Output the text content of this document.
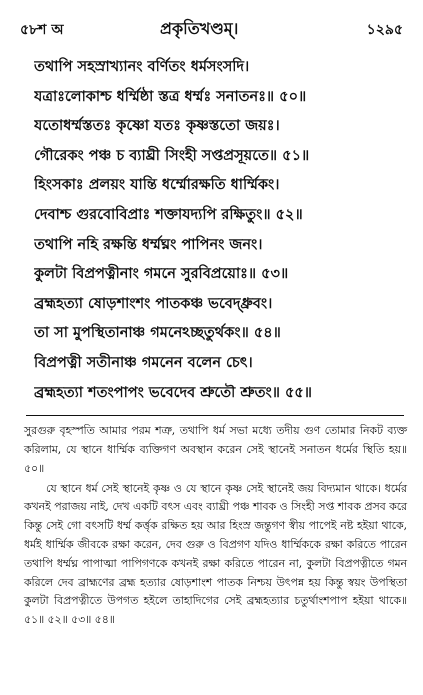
৫৮শ অ	প্রকৃতিখণ্ডম্।	১২৯৫
তথাপি সহস্রাখ্যানং বর্ণিতং ধর্মসংসদি।
যত্রাঃলোকাশ্চ ধর্ম্মিষ্ঠা স্তত্র ধর্ম্মঃ সনাতনঃ॥ ৫০॥
যতোধর্ম্মস্ততঃ কৃষ্ণো যতঃ কৃষ্ণস্ততো জয়ঃ।
গৌরেকং পঞ্চ চ ব্যাঘ্রী সিংহী সপ্তপ্রসূয়তে॥ ৫১॥
হিংসকাঃ প্রলয়ং যান্তি ধর্ম্মোরক্ষতি ধার্ম্মিকং।
দেবাশ্চ গুরবোবিপ্রাঃ শক্তাযদ্যপি রক্ষিতুং॥ ৫২॥
তথাপি নহি রক্ষন্তি ধর্ম্মঘ্নং পাপিনং জনং।
কুলটা বিপ্রপত্নীনাং গমনে সুরবিপ্রয়োঃ॥ ৫৩॥
ব্রহ্মহত্যা ষোড়শাংশং পাতকঞ্চ ভবেদ্ধ্রুবং।
তা সা মুপস্থিতানাঞ্চ গমনেঽচ্ছতুর্থকং॥ ৫৪॥
বিপ্রপত্নী সতীনাঞ্চ গমনেন বলেন চেৎ।
ব্রহ্মহত্যা শতংপাপং ভবেদেব শ্রুতৌ শ্রুতং॥ ৫৫॥

সুরগুরু বৃহস্পতি আমার পরম শত্রু, তথাপি ধর্ম সভা মধ্যে তদীয় গুণ তোমার নিকট ব্যক্ত করিলাম, যে স্থানে ধার্ম্মিক ব্যক্তিগণ অবস্থান করেন সেই স্থানেই সনাতন ধর্মের স্থিতি হয়॥ ৫০॥

যে স্থানে ধর্ম সেই স্থানেই কৃষ্ণ ও যে স্থানে কৃষ্ণ সেই স্থানেই জয় বিদ্যমান থাকে। ধর্মের কখনই পরাজয় নাই, দেখ একটি বৎস এবং ব্যাঘ্রী পঞ্চ শাবক ও সিংহী সপ্ত শাবক প্রসব করে কিন্তু সেই গো বৎসটি ধর্ম্ম কর্ত্তৃক রক্ষিত হয় আর হিংস্র জন্তুগণ স্বীয় পাপেই নষ্ট হইয়া থাকে, ধর্মই ধার্ম্মিক জীবকে রক্ষা করেন, দেব গুরু ও বিপ্রগণ যদিও ধার্ম্মিককে রক্ষা করিতে পারেন তথাপি ধর্ম্মঘ্ন পাপাত্মা পাপিগণকে কখনই রক্ষা করিতে পারেন না, কুলটা বিপ্রপত্নীতে গমন করিলে দেব ব্রাহ্মণের ব্রহ্ম হত্যার ষোড়শাংশ পাতক নিশ্চয় উৎপন্ন হয় কিন্তু স্বয়ং উপস্থিতা কুলটা বিপ্রপত্নীতে উপগত হইলে তাহাদিগের সেই ব্রহ্মহত্যার চতুর্থাংশপাপ হইয়া থাকে॥ ৫১॥ ৫২॥ ৫৩॥ ৫৪॥
